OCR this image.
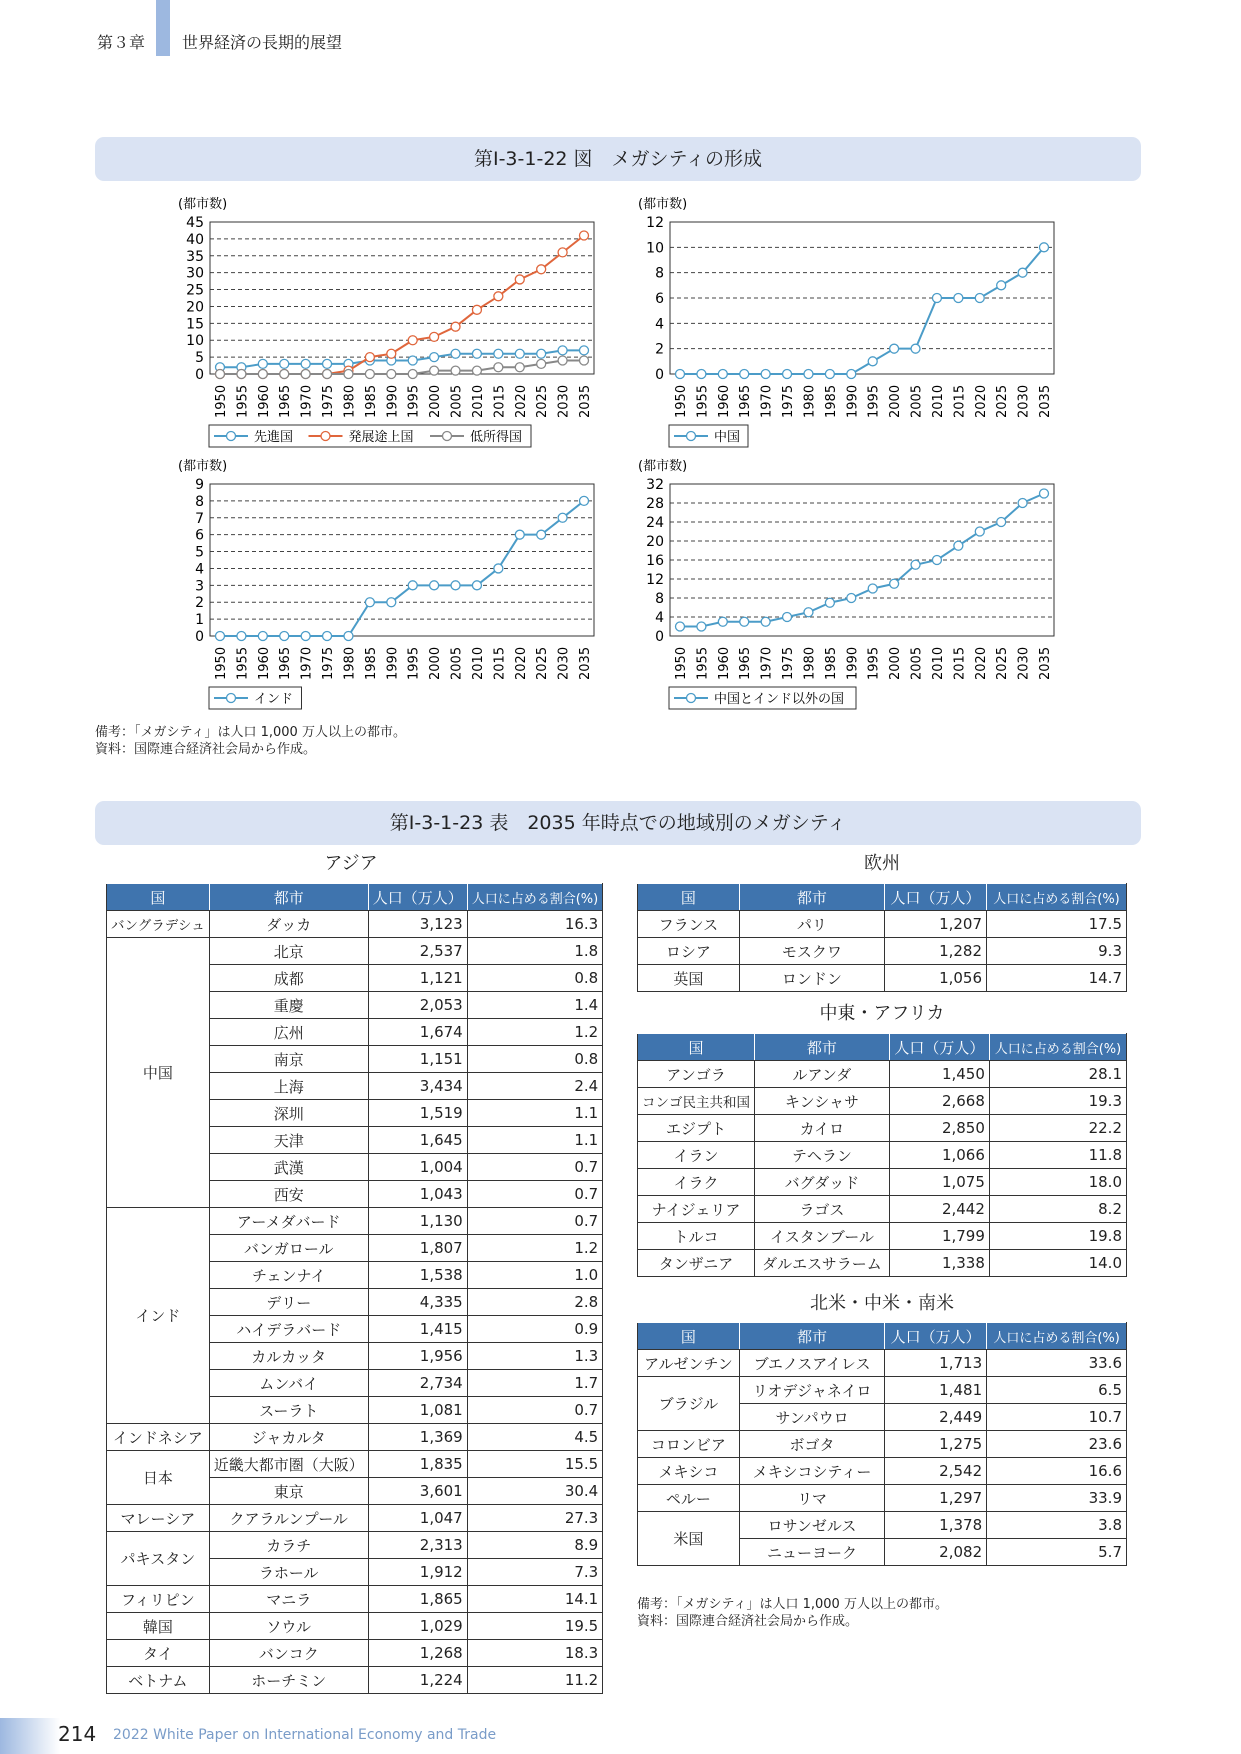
第３章 世界経済の長期的展望
第Ⅰ-3-1-22 図　メガシティの形成
(都市数)
0
5
10
15
20
25
30
35
40
45
1950 1955 1960 1965 1970 1975 1980 1985 1990 1995 2000 2005 2010 2015 2020 2025 2030 2035
先進国	発展途上国	低所得国
(都市数)
0
2
4
6
8
10
12
1950 1955 1960 1965 1970 1975 1980 1985 1990 1995 2000 2005 2010 2015 2020 2025 2030 2035
中国
(都市数)
0
1
2
3
4
5
6
7
8
9
1950 1955 1960 1965 1970 1975 1980 1985 1990 1995 2000 2005 2010 2015 2020 2025 2030 2035
インド
(都市数)
0
4
8
12
16
20
24
28
32
1950 1955 1960 1965 1970 1975 1980 1985 1990 1995 2000 2005 2010 2015 2020 2025 2030 2035
中国とインド以外の国
備考：「メガシティ」は人口 1,000 万人以上の都市。
資料：国際連合経済社会局から作成。
第Ⅰ-3-1-23 表　2035 年時点での地域別のメガシティ
アジア
国	都市	人口（万人）	人口に占める割合(%)
バングラデシュ	ダッカ	3,123	16.3
中国	北京	2,537	1.8
	成都	1,121	0.8
	重慶	2,053	1.4
	広州	1,674	1.2
	南京	1,151	0.8
	上海	3,434	2.4
	深圳	1,519	1.1
	天津	1,645	1.1
	武漢	1,004	0.7
	西安	1,043	0.7
インド	アーメダバード	1,130	0.7
	バンガロール	1,807	1.2
	チェンナイ	1,538	1.0
	デリー	4,335	2.8
	ハイデラバード	1,415	0.9
	カルカッタ	1,956	1.3
	ムンバイ	2,734	1.7
	スーラト	1,081	0.7
インドネシア	ジャカルタ	1,369	4.5
日本	近畿大都市圏（大阪）	1,835	15.5
	東京	3,601	30.4
マレーシア	クアラルンプール	1,047	27.3
パキスタン	カラチ	2,313	8.9
	ラホール	1,912	7.3
フィリピン	マニラ	1,865	14.1
韓国	ソウル	1,029	19.5
タイ	バンコク	1,268	18.3
ベトナム	ホーチミン	1,224	11.2
欧州
国	都市	人口（万人）	人口に占める割合(%)
フランス	パリ	1,207	17.5
ロシア	モスクワ	1,282	9.3
英国	ロンドン	1,056	14.7
中東・アフリカ
国	都市	人口（万人）	人口に占める割合(%)
アンゴラ	ルアンダ	1,450	28.1
コンゴ民主共和国	キンシャサ	2,668	19.3
エジプト	カイロ	2,850	22.2
イラン	テヘラン	1,066	11.8
イラク	バグダッド	1,075	18.0
ナイジェリア	ラゴス	2,442	8.2
トルコ	イスタンブール	1,799	19.8
タンザニア	ダルエスサラーム	1,338	14.0
北米・中米・南米
国	都市	人口（万人）	人口に占める割合(%)
アルゼンチン	ブエノスアイレス	1,713	33.6
ブラジル	リオデジャネイロ	1,481	6.5
	サンパウロ	2,449	10.7
コロンビア	ボゴタ	1,275	23.6
メキシコ	メキシコシティー	2,542	16.6
ペルー	リマ	1,297	33.9
米国	ロサンゼルス	1,378	3.8
	ニューヨーク	2,082	5.7
備考：「メガシティ」は人口 1,000 万人以上の都市。
資料：国際連合経済社会局から作成。
214 2022 White Paper on International Economy and Trade
